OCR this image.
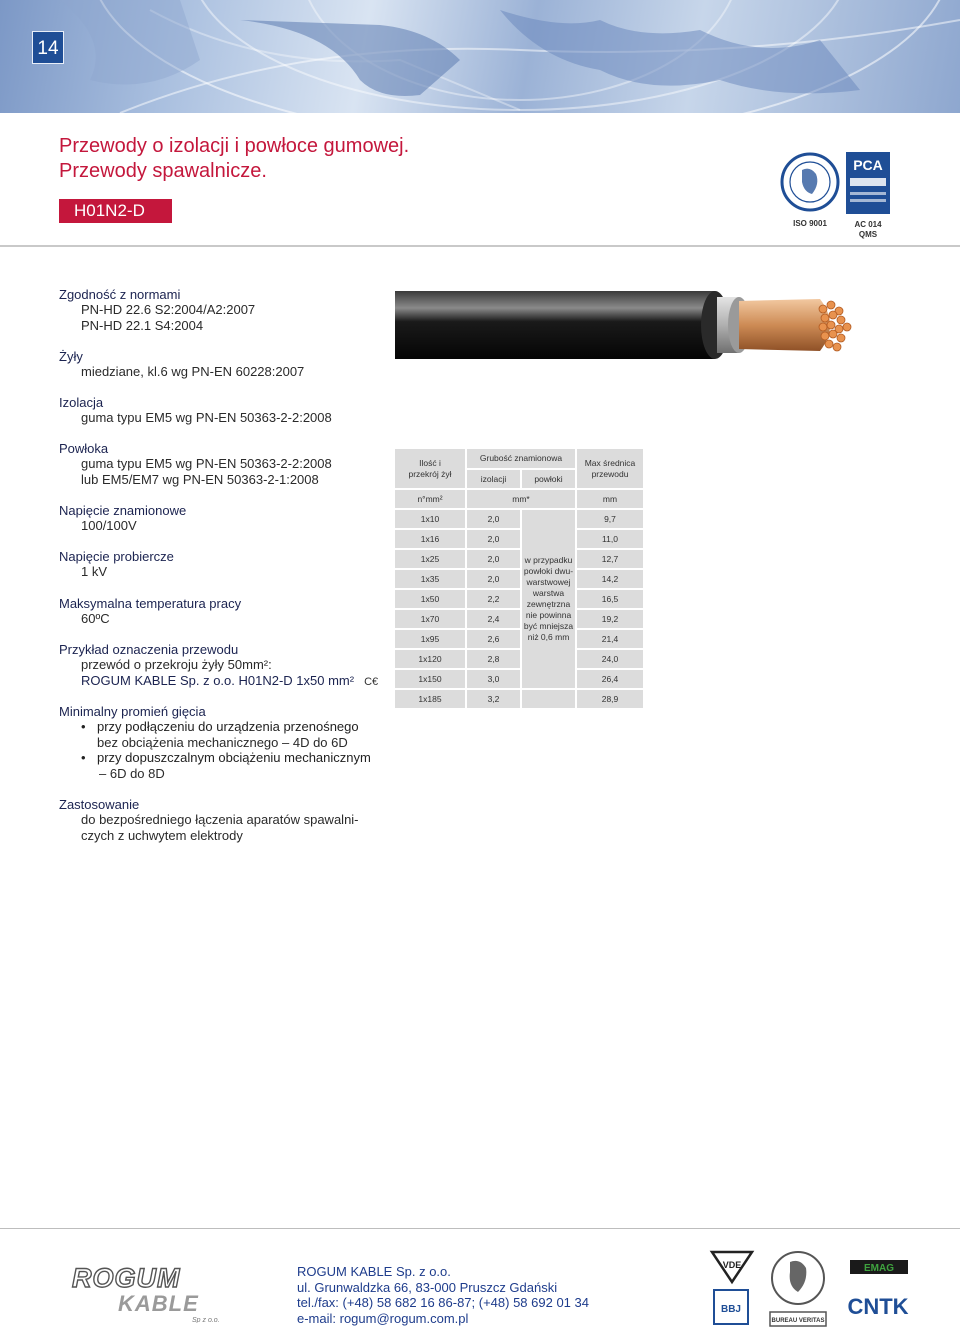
14
Przewody o izolacji i powłoce gumowej.
Przewody spawalnicze.
H01N2-D
PCA
ISO 9001	AC 014
QMS
Zgodność z normami
PN-HD 22.6 S2:2004/A2:2007
PN-HD 22.1 S4:2004
Żyły
miedziane, kl.6 wg PN-EN 60228:2007
Izolacja
guma typu EM5 wg PN-EN 50363-2-2:2008
Powłoka
guma typu EM5 wg PN-EN 50363-2-2:2008
lub EM5/EM7 wg PN-EN 50363-2-1:2008
Napięcie znamionowe
100/100V
Napięcie probiercze
1 kV
Maksymalna temperatura pracy
60ºC
Przykład oznaczenia przewodu
przewód o przekroju żyły 50mm²:
ROGUM KABLE Sp. z o.o. H01N2-D 1x50 mm² C€
Minimalny promień gięcia
• przy podłączeniu do urządzenia przenośnego
bez obciążenia mechanicznego – 4D do 6D
• przy dopuszczalnym obciążeniu mechanicznym
– 6D do 8D
Zastosowanie
do bezpośredniego łączenia aparatów spawalni-
czych z uchwytem elektrody
Ilość i przekrój żył
Grubość znamionowa
izolacji	powłoki
Max średnica przewodu
n°mm²	mm*	mm
w przypadku
powłoki dwu-
warstwowej
warstwa
zewnętrzna
nie powinna
być mniejsza
niż 0,6 mm
1x10	2,0	9,7
1x16	2,0	11,0
1x25	2,0	12,7
1x35	2,0	14,2
1x50	2,2	16,5
1x70	2,4	19,2
1x95	2,6	21,4
1x120	2,8	24,0
1x150	3,0	26,4
1x185	3,2	28,9
ROGUM
KABLE
Sp z o.o.
ROGUM KABLE Sp. z o.o.
ul. Grunwaldzka 66, 83-000 Pruszcz Gdański
tel./fax: (+48) 58 682 16 86-87; (+48) 58 692 01 34
e-mail: rogum@rogum.com.pl
VDE
BBJ
BUREAU VERITAS
EMAG
CNTK
